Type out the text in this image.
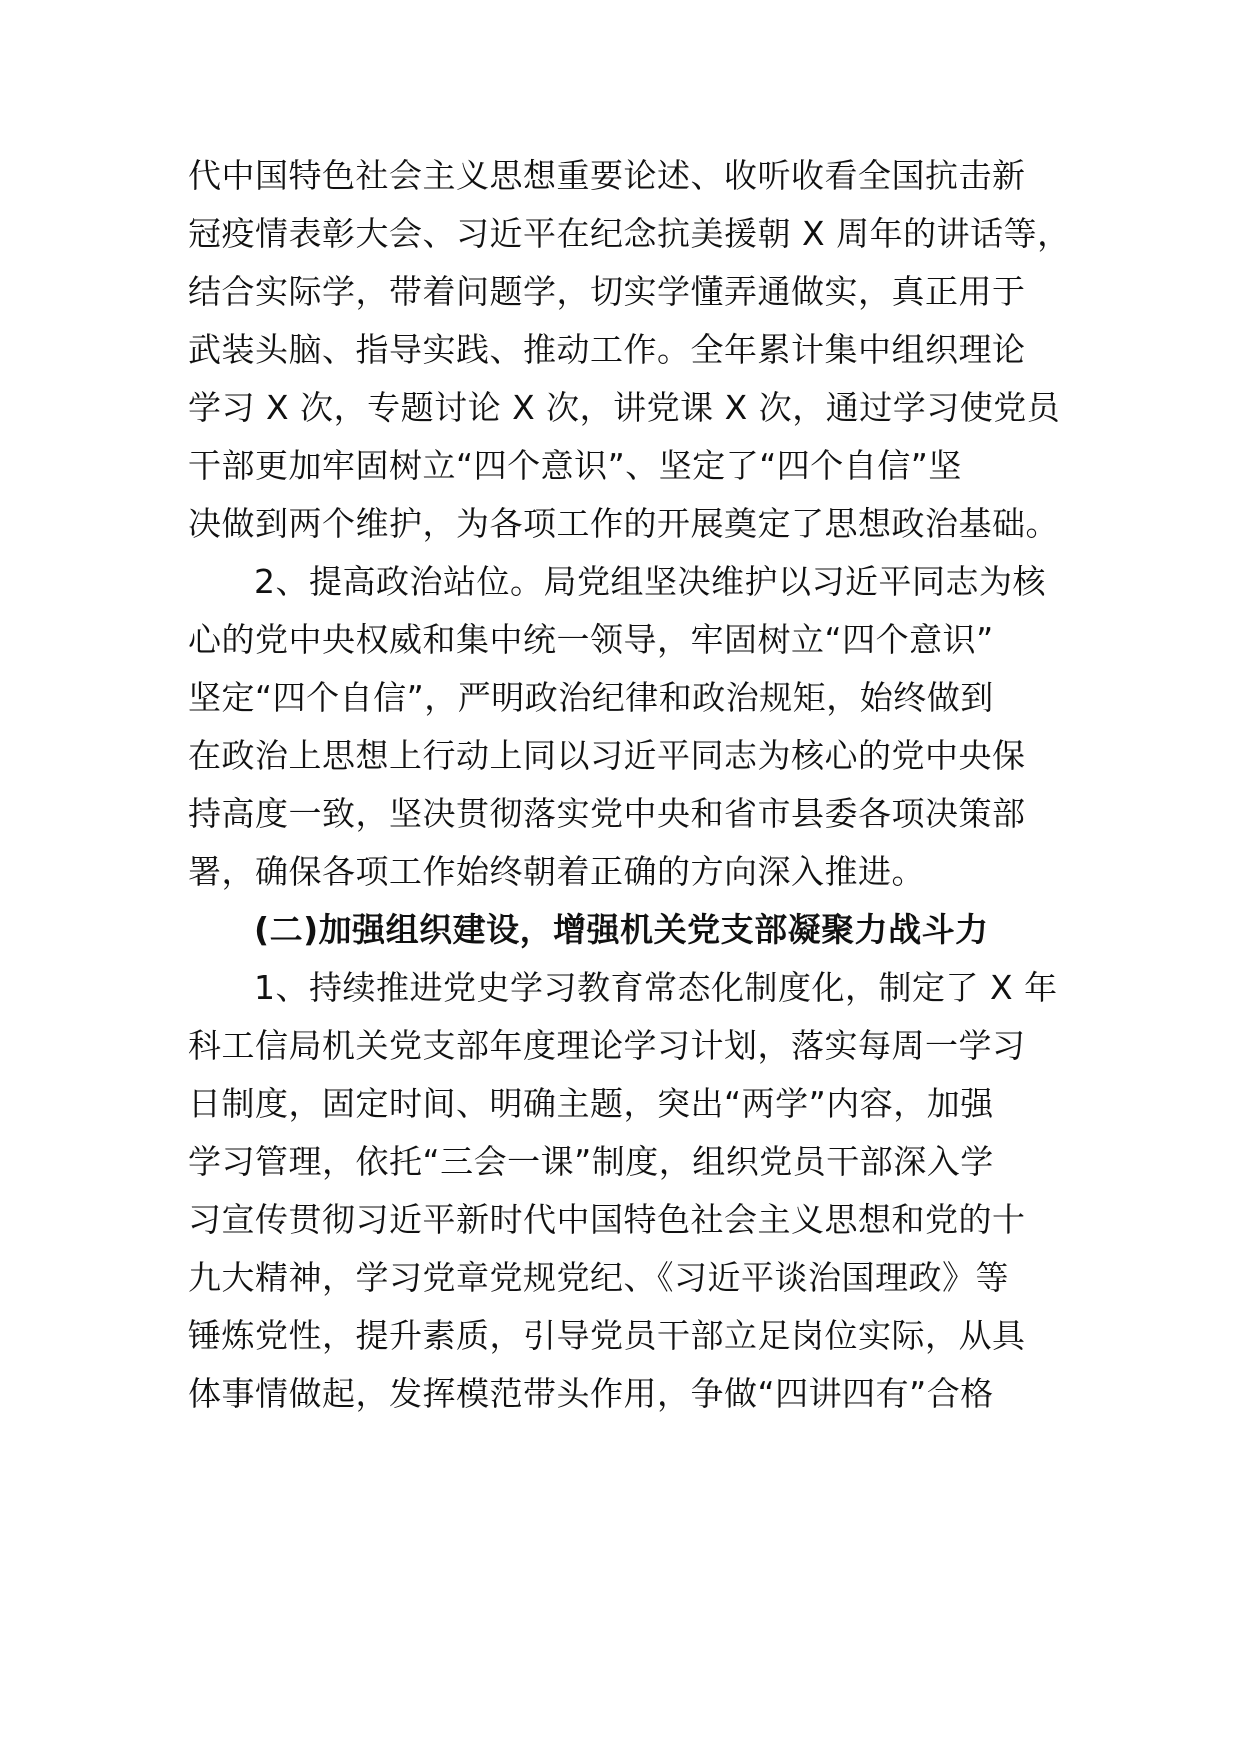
代中国特色社会主义思想重要论述、收听收看全国抗击新
冠疫情表彰大会、习近平在纪念抗美援朝 X 周年的讲话等，
结合实际学，带着问题学，切实学懂弄通做实，真正用于
武装头脑、指导实践、推动工作。全年累计集中组织理论
学习 X 次，专题讨论 X 次，讲党课 X 次，通过学习使党员
干部更加牢固树立“四个意识”、坚定了“四个自信”坚
决做到两个维护，为各项工作的开展奠定了思想政治基础。
2、提高政治站位。局党组坚决维护以习近平同志为核
心的党中央权威和集中统一领导，牢固树立“四个意识”
坚定“四个自信”，严明政治纪律和政治规矩，始终做到
在政治上思想上行动上同以习近平同志为核心的党中央保
持高度一致，坚决贯彻落实党中央和省市县委各项决策部
署，确保各项工作始终朝着正确的方向深入推进。
(二)加强组织建设，增强机关党支部凝聚力战斗力
1、持续推进党史学习教育常态化制度化，制定了 X 年
科工信局机关党支部年度理论学习计划，落实每周一学习
日制度，固定时间、明确主题，突出“两学”内容，加强
学习管理，依托“三会一课”制度，组织党员干部深入学
习宣传贯彻习近平新时代中国特色社会主义思想和党的十
九大精神，学习党章党规党纪、《习近平谈治国理政》等
锤炼党性，提升素质，引导党员干部立足岗位实际，从具
体事情做起，发挥模范带头作用，争做“四讲四有”合格
